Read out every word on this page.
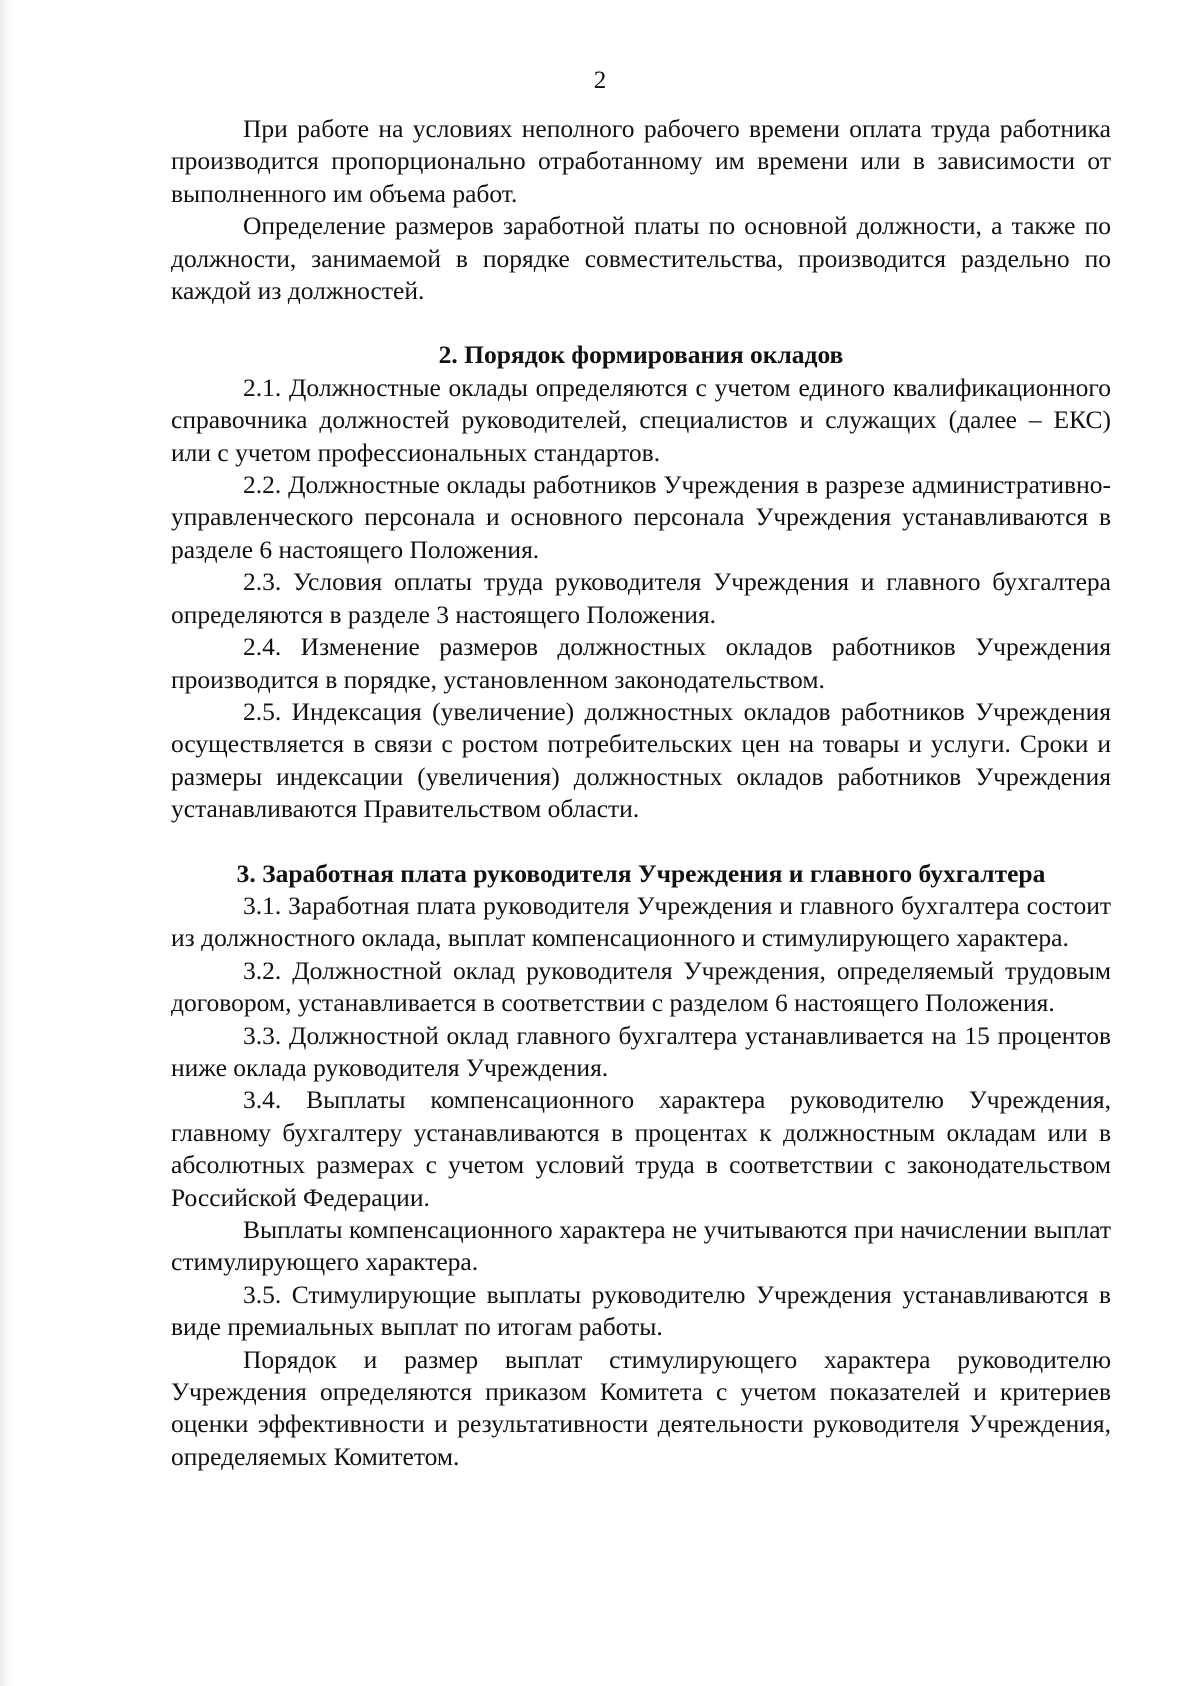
2

При работе на условиях неполного рабочего времени оплата труда работника производится пропорционально отработанному им времени или в зависимости от выполненного им объема работ.

Определение размеров заработной платы по основной должности, а также по должности, занимаемой в порядке совместительства, производится раздельно по каждой из должностей.

2. Порядок формирования окладов

2.1. Должностные оклады определяются с учетом единого квалификационного справочника должностей руководителей, специалистов и служащих (далее – ЕКС) или с учетом профессиональных стандартов.

2.2. Должностные оклады работников Учреждения в разрезе административно-управленческого персонала и основного персонала Учреждения устанавливаются в разделе 6 настоящего Положения.

2.3. Условия оплаты труда руководителя Учреждения и главного бухгалтера определяются в разделе 3 настоящего Положения.

2.4. Изменение размеров должностных окладов работников Учреждения производится в порядке, установленном законодательством.

2.5. Индексация (увеличение) должностных окладов работников Учреждения осуществляется в связи с ростом потребительских цен на товары и услуги. Сроки и размеры индексации (увеличения) должностных окладов работников Учреждения устанавливаются Правительством области.

3. Заработная плата руководителя Учреждения и главного бухгалтера

3.1. Заработная плата руководителя Учреждения и главного бухгалтера состоит из должностного оклада, выплат компенсационного и стимулирующего характера.

3.2. Должностной оклад руководителя Учреждения, определяемый трудовым договором, устанавливается в соответствии с разделом 6 настоящего Положения.

3.3. Должностной оклад главного бухгалтера устанавливается на 15 процентов ниже оклада руководителя Учреждения.

3.4. Выплаты компенсационного характера руководителю Учреждения, главному бухгалтеру устанавливаются в процентах к должностным окладам или в абсолютных размерах с учетом условий труда в соответствии с законодательством Российской Федерации.

Выплаты компенсационного характера не учитываются при начислении выплат стимулирующего характера.

3.5. Стимулирующие выплаты руководителю Учреждения устанавливаются в виде премиальных выплат по итогам работы.

Порядок и размер выплат стимулирующего характера руководителю Учреждения определяются приказом Комитета с учетом показателей и критериев оценки эффективности и результативности деятельности руководителя Учреждения, определяемых Комитетом.
